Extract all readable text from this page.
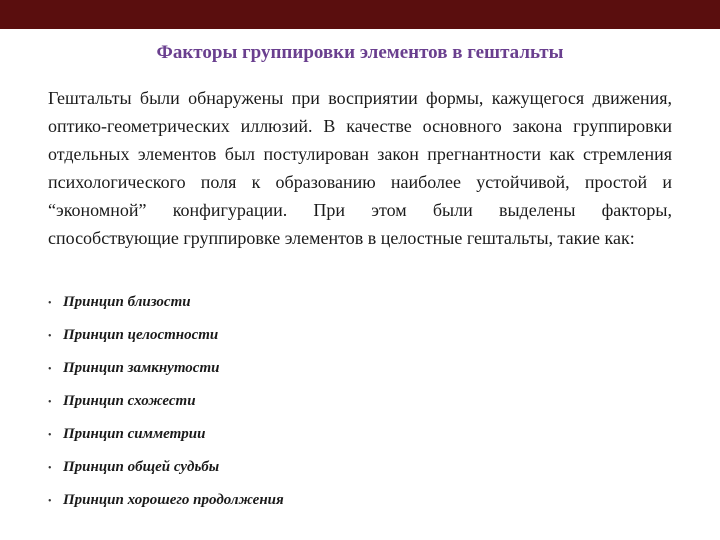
Факторы группировки элементов в гештальты

Гештальты были обнаружены при восприятии формы, кажущегося движения, оптико-геометрических иллюзий. В качестве основного закона группировки отдельных элементов был постулирован закон прегнантности как стремления психологического поля к образованию наиболее устойчивой, простой и “экономной” конфигурации. При этом были выделены факторы, способствующие группировке элементов в целостные гештальты, такие как:

• Принцип близости
• Принцип целостности
• Принцип замкнутости
• Принцип схожести
• Принцип симметрии
• Принцип общей судьбы
• Принцип хорошего продолжения
